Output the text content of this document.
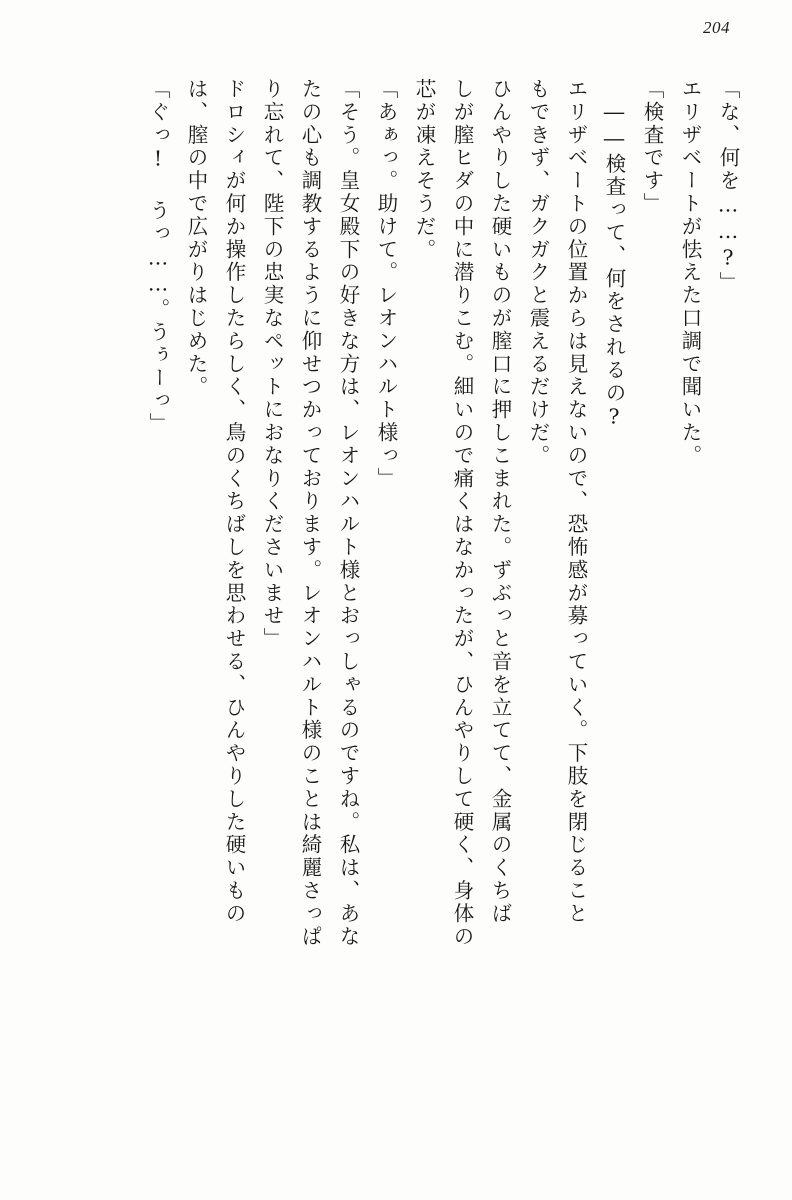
204
「な、何を……?」
エリザベートが怯えた口調で聞いた。
「検査です」
――検査って、何をされるの?
エリザベートの位置からは見えないので、恐怖感が募っていく。下肢を閉じること
もできず、ガクガクと震えるだけだ。
ひんやりした硬いものが膣口に押しこまれた。ずぶっと音を立てて、金属のくちば
しが膣ヒダの中に潜りこむ。細いので痛くはなかったが、ひんやりして硬く、身体の
芯が凍えそうだ。
「あぁっ。助けて。レオンハルト様っ」
「そう。皇女殿下の好きな方は、レオンハルト様とおっしゃるのですね。私は、あな
たの心も調教するように仰せつかっております。レオンハルト様のことは綺麗さっぱ
り忘れて、陛下の忠実なペットにおなりくださいませ」
ドロシィが何か操作したらしく、鳥のくちばしを思わせる、ひんやりした硬いもの
は、膣の中で広がりはじめた。
「ぐっ! うっ……。うぅーっ」
